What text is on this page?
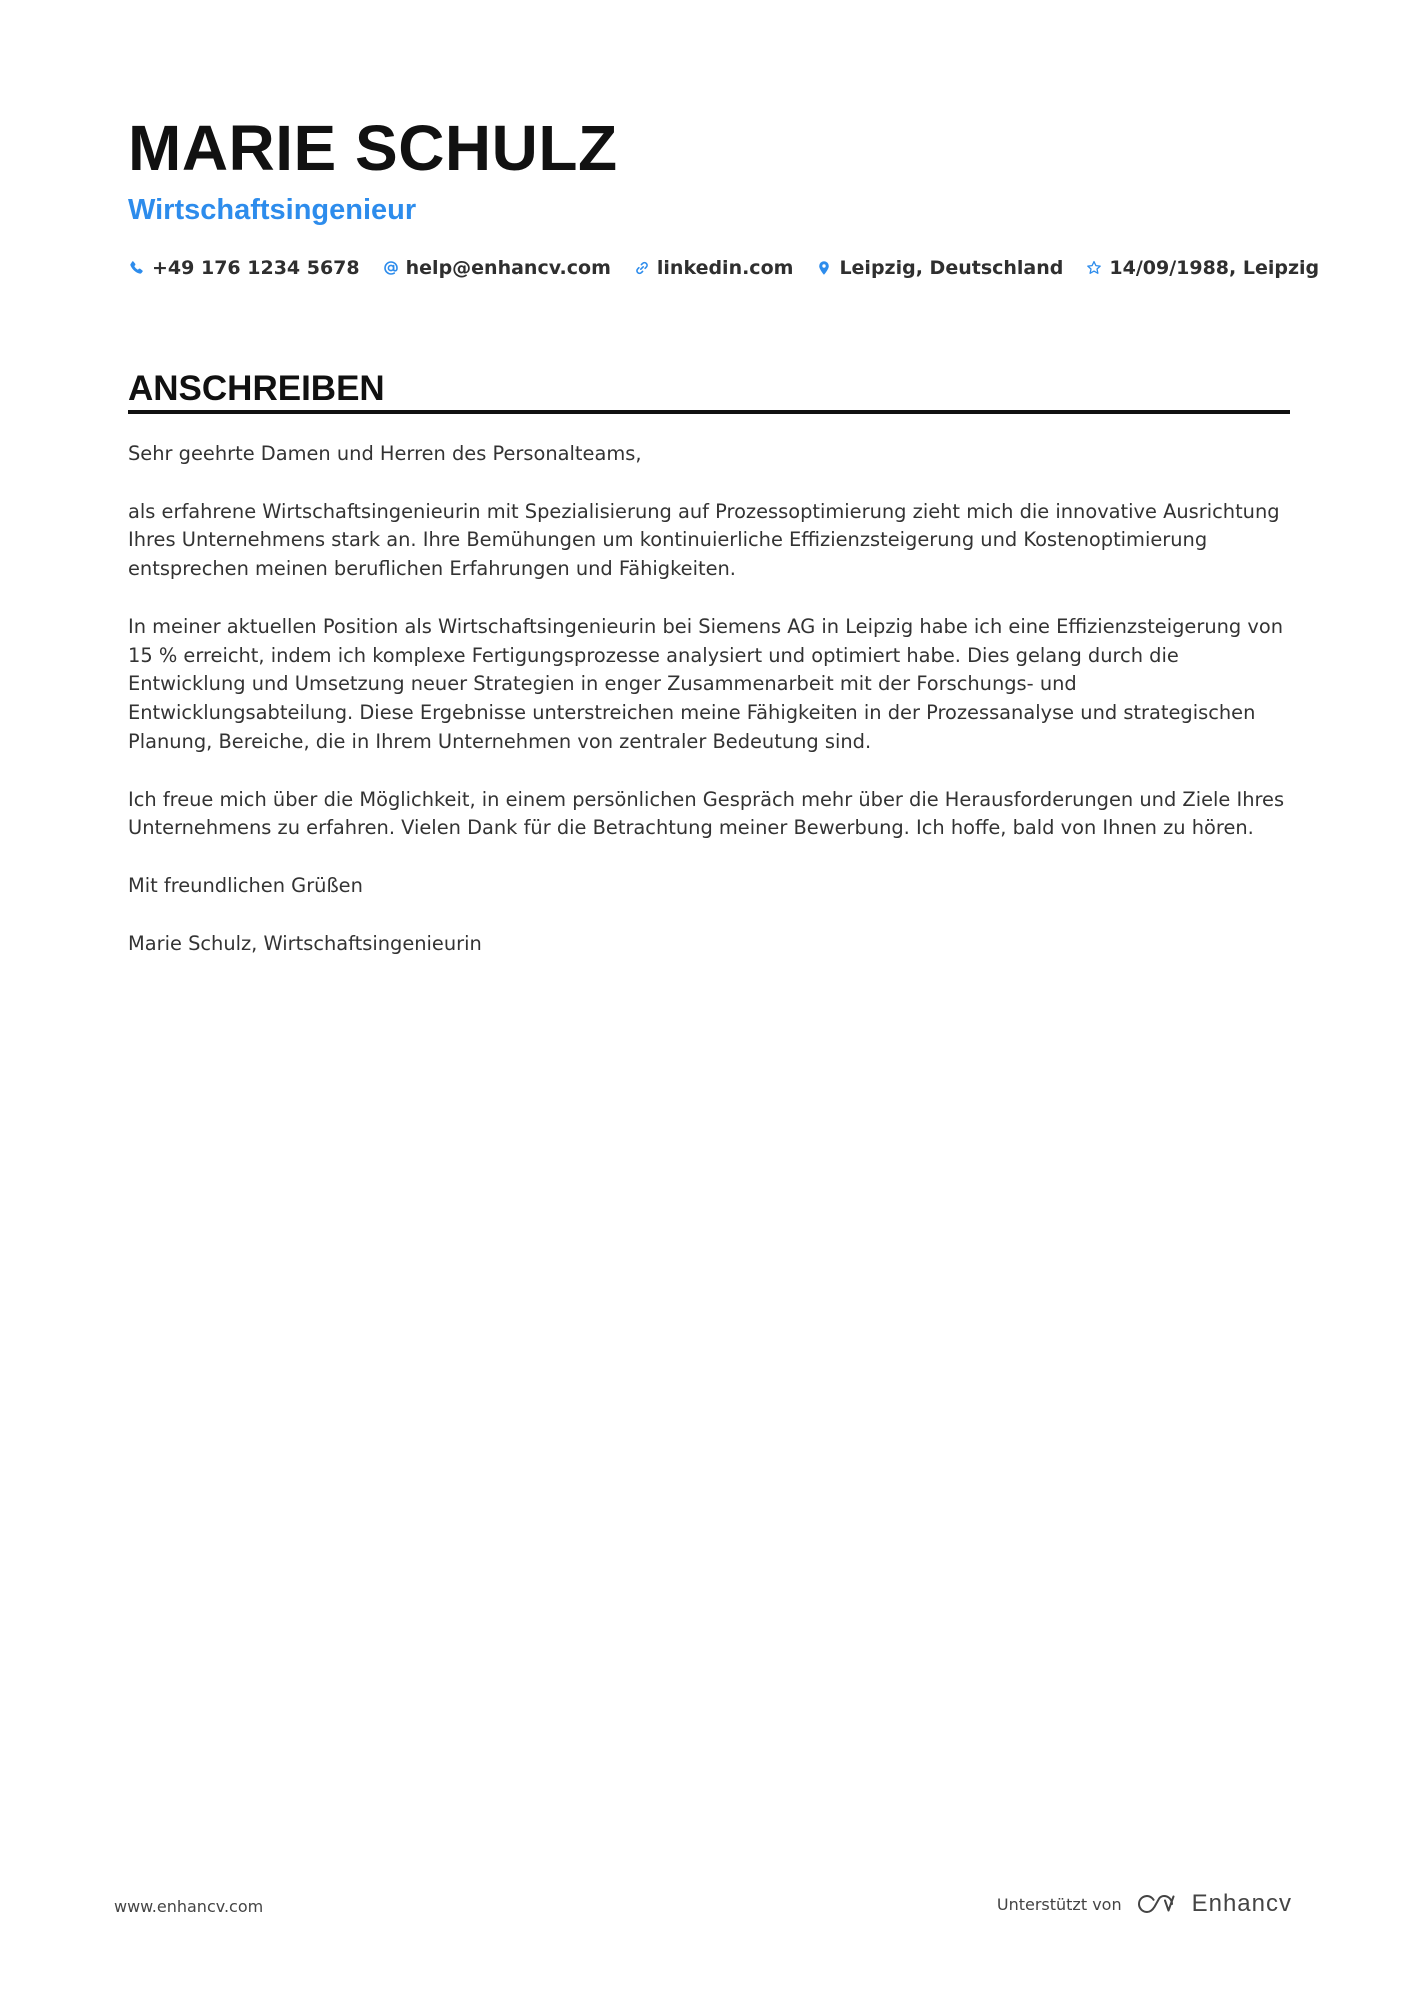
MARIE SCHULZ
Wirtschaftsingenieur
+49 176 1234 5678 help@enhancv.com linkedin.com Leipzig, Deutschland 14/09/1988, Leipzig
ANSCHREIBEN

Sehr geehrte Damen und Herren des Personalteams,

als erfahrene Wirtschaftsingenieurin mit Spezialisierung auf Prozessoptimierung zieht mich die innovative Ausrichtung Ihres Unternehmens stark an. Ihre Bemühungen um kontinuierliche Effizienzsteigerung und Kostenoptimierung entsprechen meinen beruflichen Erfahrungen und Fähigkeiten.

In meiner aktuellen Position als Wirtschaftsingenieurin bei Siemens AG in Leipzig habe ich eine Effizienzsteigerung von 15 % erreicht, indem ich komplexe Fertigungsprozesse analysiert und optimiert habe. Dies gelang durch die Entwicklung und Umsetzung neuer Strategien in enger Zusammenarbeit mit der Forschungs- und Entwicklungsabteilung. Diese Ergebnisse unterstreichen meine Fähigkeiten in der Prozessanalyse und strategischen Planung, Bereiche, die in Ihrem Unternehmen von zentraler Bedeutung sind.

Ich freue mich über die Möglichkeit, in einem persönlichen Gespräch mehr über die Herausforderungen und Ziele Ihres Unternehmens zu erfahren. Vielen Dank für die Betrachtung meiner Bewerbung. Ich hoffe, bald von Ihnen zu hören.

Mit freundlichen Grüßen

Marie Schulz, Wirtschaftsingenieurin

www.enhancv.com	Unterstützt von	Enhancv
